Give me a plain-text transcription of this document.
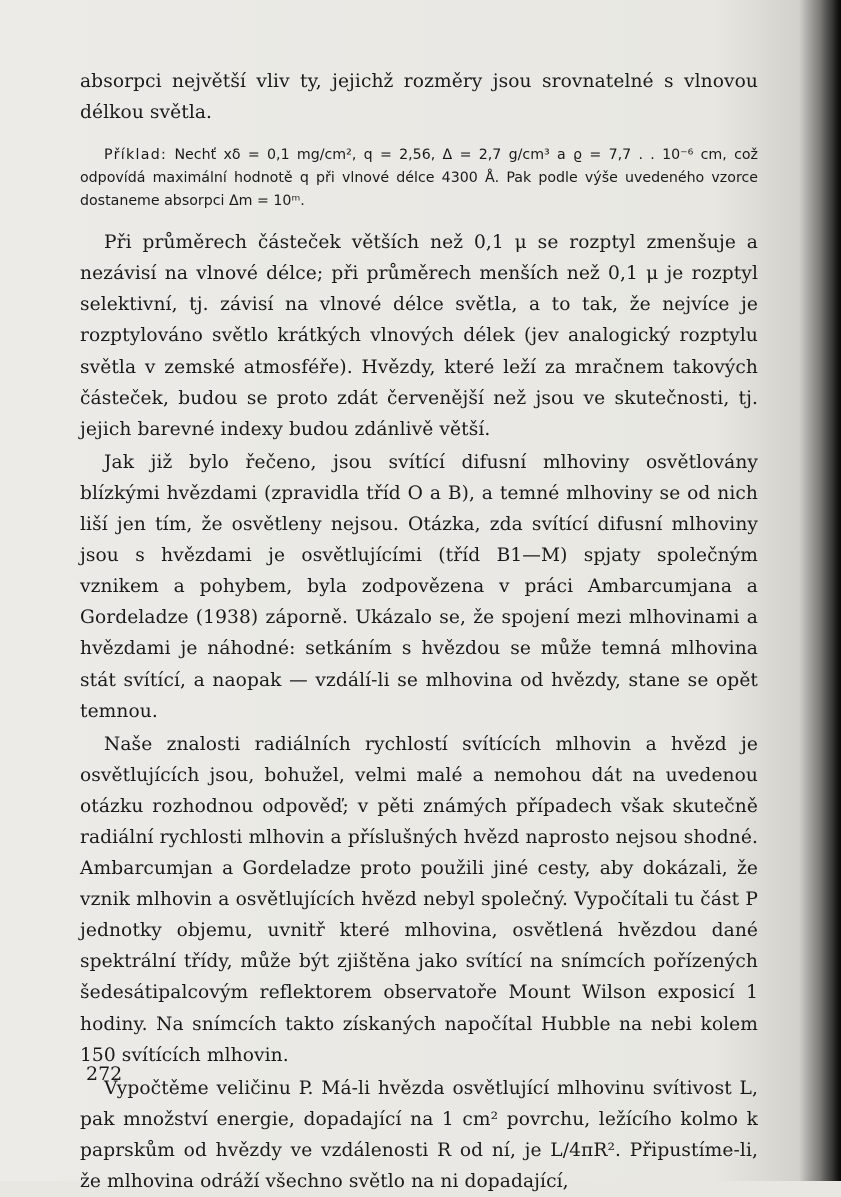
absorpci největší vliv ty, jejichž rozměry jsou srovnatelné s vlnovou délkou světla.

Příklad: Nechť xδ = 0,1 mg/cm², q = 2,56, Δ = 2,7 g/cm³ a ϱ = 7,7 . . 10⁻⁶ cm, což odpovídá maximální hodnotě q při vlnové délce 4300 Å. Pak podle výše uvedeného vzorce dostaneme absorpci Δm = 10ᵐ.

Při průměrech částeček větších než 0,1 μ se rozptyl zmenšuje a nezávisí na vlnové délce; při průměrech menších než 0,1 μ je rozptyl selektivní, tj. závisí na vlnové délce světla, a to tak, že nejvíce je rozptylováno světlo krátkých vlnových délek (jev analogický rozptylu světla v zemské atmosféře). Hvězdy, které leží za mračnem takových částeček, budou se proto zdát červenější než jsou ve skutečnosti, tj. jejich barevné indexy budou zdánlivě větší.

Jak již bylo řečeno, jsou svítící difusní mlhoviny osvětlovány blízkými hvězdami (zpravidla tříd O a B), a temné mlhoviny se od nich liší jen tím, že osvětleny nejsou. Otázka, zda svítící difusní mlhoviny jsou s hvězdami je osvětlujícími (tříd B1—M) spjaty společným vznikem a pohybem, byla zodpovězena v práci Ambarcumjana a Gordeladze (1938) záporně. Ukázalo se, že spojení mezi mlhovinami a hvězdami je náhodné: setkáním s hvězdou se může temná mlhovina stát svítící, a naopak — vzdálí-li se mlhovina od hvězdy, stane se opět temnou.

Naše znalosti radiálních rychlostí svítících mlhovin a hvězd je osvětlujících jsou, bohužel, velmi malé a nemohou dát na uvedenou otázku rozhodnou odpověď; v pěti známých případech však skutečně radiální rychlosti mlhovin a příslušných hvězd naprosto nejsou shodné. Ambarcumjan a Gordeladze proto použili jiné cesty, aby dokázali, že vznik mlhovin a osvětlujících hvězd nebyl společný. Vypočítali tu část P jednotky objemu, uvnitř které mlhovina, osvětlená hvězdou dané spektrální třídy, může být zjištěna jako svítící na snímcích pořízených šedesátipalcovým reflektorem observatoře Mount Wilson exposicí 1 hodiny. Na snímcích takto získaných napočítal Hubble na nebi kolem 150 svítících mlhovin.

Vypočtěme veličinu P. Má-li hvězda osvětlující mlhovinu svítivost L, pak množství energie, dopadající na 1 cm² povrchu, ležícího kolmo k paprskům od hvězdy ve vzdálenosti R od ní, je L/4πR². Připustíme-li, že mlhovina odráží všechno světlo na ni dopadající,

272
